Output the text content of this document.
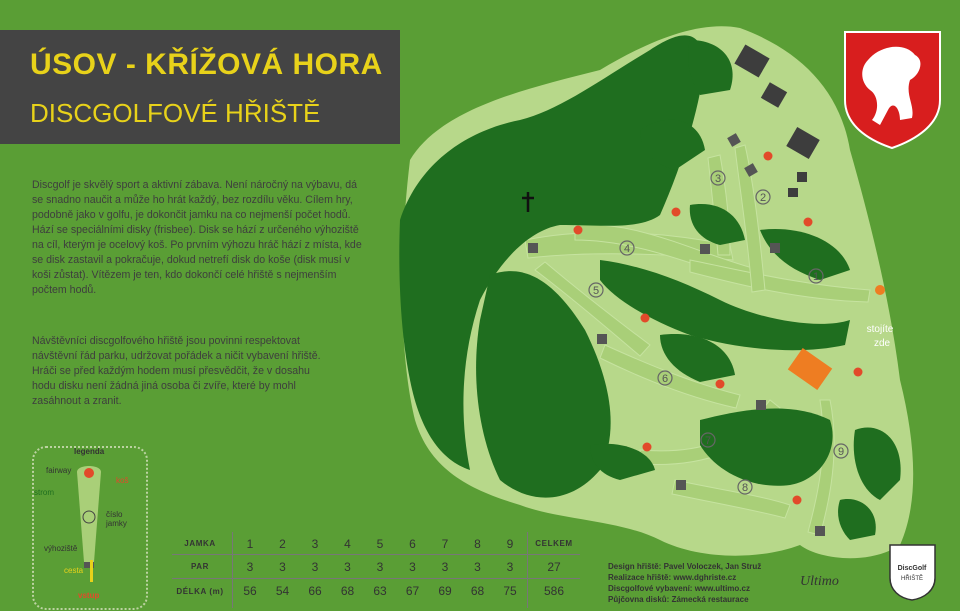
1
2
3
4
5
6
7
8
9
stojíte
zde
DiscGolf
HŘIŠTĚ
Ultimo
ÚSOV - KŘÍŽOVÁ HORA
DISCGOLFOVÉ HŘIŠTĚ
Discgolf je skvělý sport a aktivní zábava. Není náročný na výbavu, dá se snadno naučit a může ho hrát každý, bez rozdílu věku. Cílem hry, podobně jako v golfu, je dokončit jamku na co nejmenší počet hodů. Hází se speciálními disky (frisbee). Disk se hází z určeného výhoziště na cíl, kterým je ocelový koš. Po prvním výhozu hráč hází z místa, kde se disk zastavil a pokračuje, dokud netrefí disk do koše (disk musí v koši zůstat). Vítězem je ten, kdo dokončí celé hřiště s nejmenším počtem hodů.
Návštěvníci discgolfového hřiště jsou povinni respektovat návštěvní řád parku, udržovat pořádek a ničit vybavení hřiště. Hráči se před každým hodem musí přesvědčit, že v dosahu hodu disku není žádná jiná osoba či zvíře, které by mohl zasáhnout a zranit.
legenda
fairway
koš
strom
číslo jamky
výhoziště
cesta
vstup
JAMKA
PAR
DÉLKA (m)
1
3
56
2
3
54
3
3
66
4
3
68
5
3
63
6
3
67
7
3
69
8
3
68
9
3
75
CELKEM
27
586
Design hřiště: Pavel Voloczek, Jan Struž
Realizace hřiště: www.dghriste.cz
Discgolfové vybavení: www.ultimo.cz
Půjčovna disků: Zámecká restaurace
